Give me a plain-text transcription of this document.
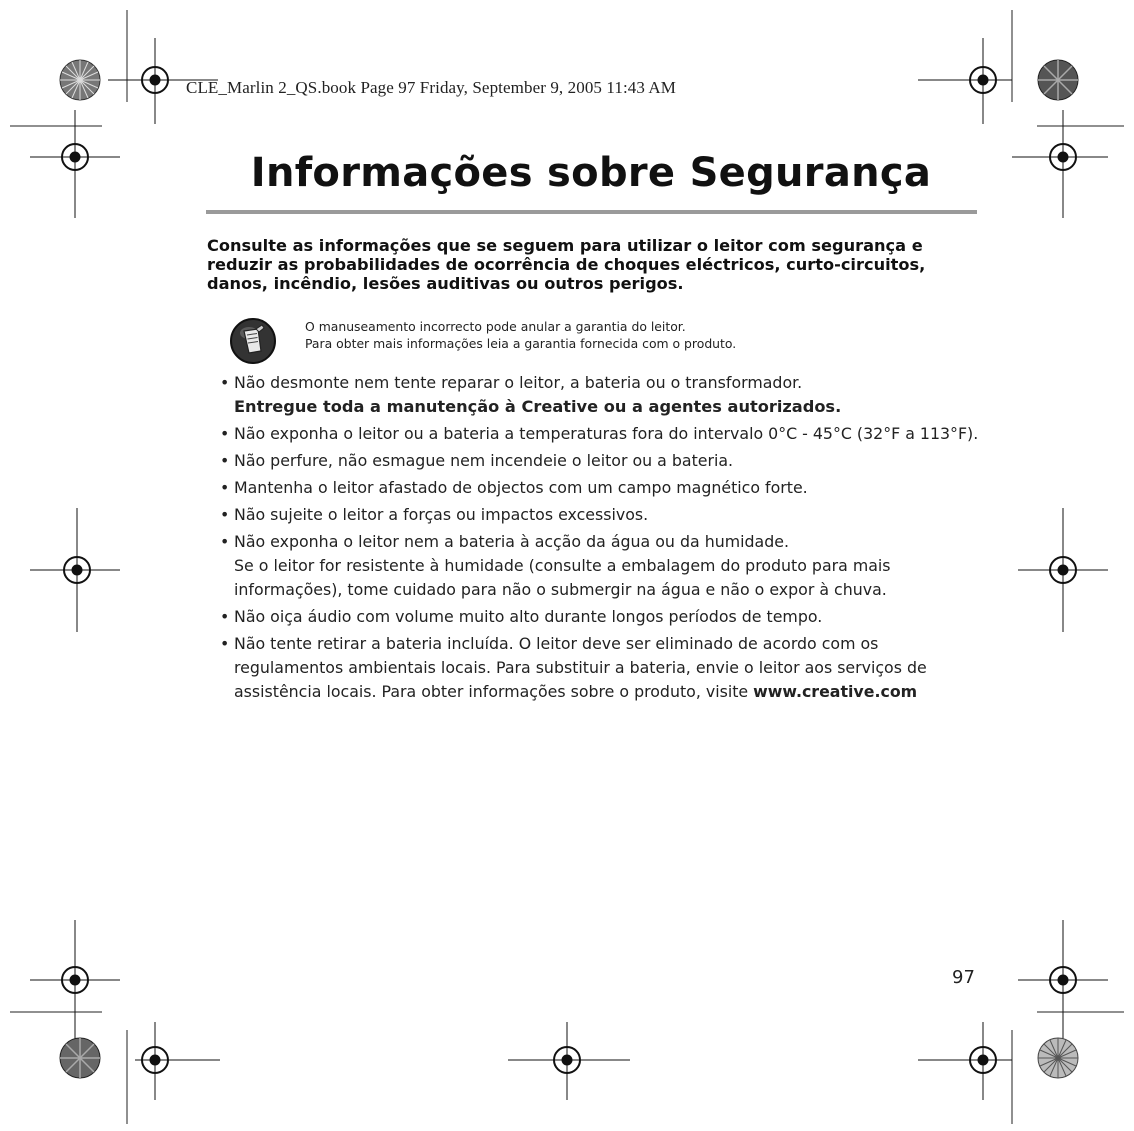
CLE_Marlin 2_QS.book Page 97 Friday, September 9, 2005 11:43 AM
Informações sobre Segurança
Consulte as informações que se seguem para utilizar o leitor com segurança e reduzir as probabilidades de ocorrência de choques eléctricos, curto-circuitos, danos, incêndio, lesões auditivas ou outros perigos.
O manuseamento incorrecto pode anular a garantia do leitor.
Para obter mais informações leia a garantia fornecida com o produto.
• Não desmonte nem tente reparar o leitor, a bateria ou o transformador.
Entregue toda a manutenção à Creative ou a agentes autorizados.
• Não exponha o leitor ou a bateria a temperaturas fora do intervalo 0°C - 45°C (32°F a 113°F).
• Não perfure, não esmague nem incendeie o leitor ou a bateria.
• Mantenha o leitor afastado de objectos com um campo magnético forte.
• Não sujeite o leitor a forças ou impactos excessivos.
• Não exponha o leitor nem a bateria à acção da água ou da humidade.
Se o leitor for resistente à humidade (consulte a embalagem do produto para mais informações), tome cuidado para não o submergir na água e não o expor à chuva.
• Não oiça áudio com volume muito alto durante longos períodos de tempo.
• Não tente retirar a bateria incluída. O leitor deve ser eliminado de acordo com os regulamentos ambientais locais. Para substituir a bateria, envie o leitor aos serviços de assistência locais. Para obter informações sobre o produto, visite www.creative.com
97
